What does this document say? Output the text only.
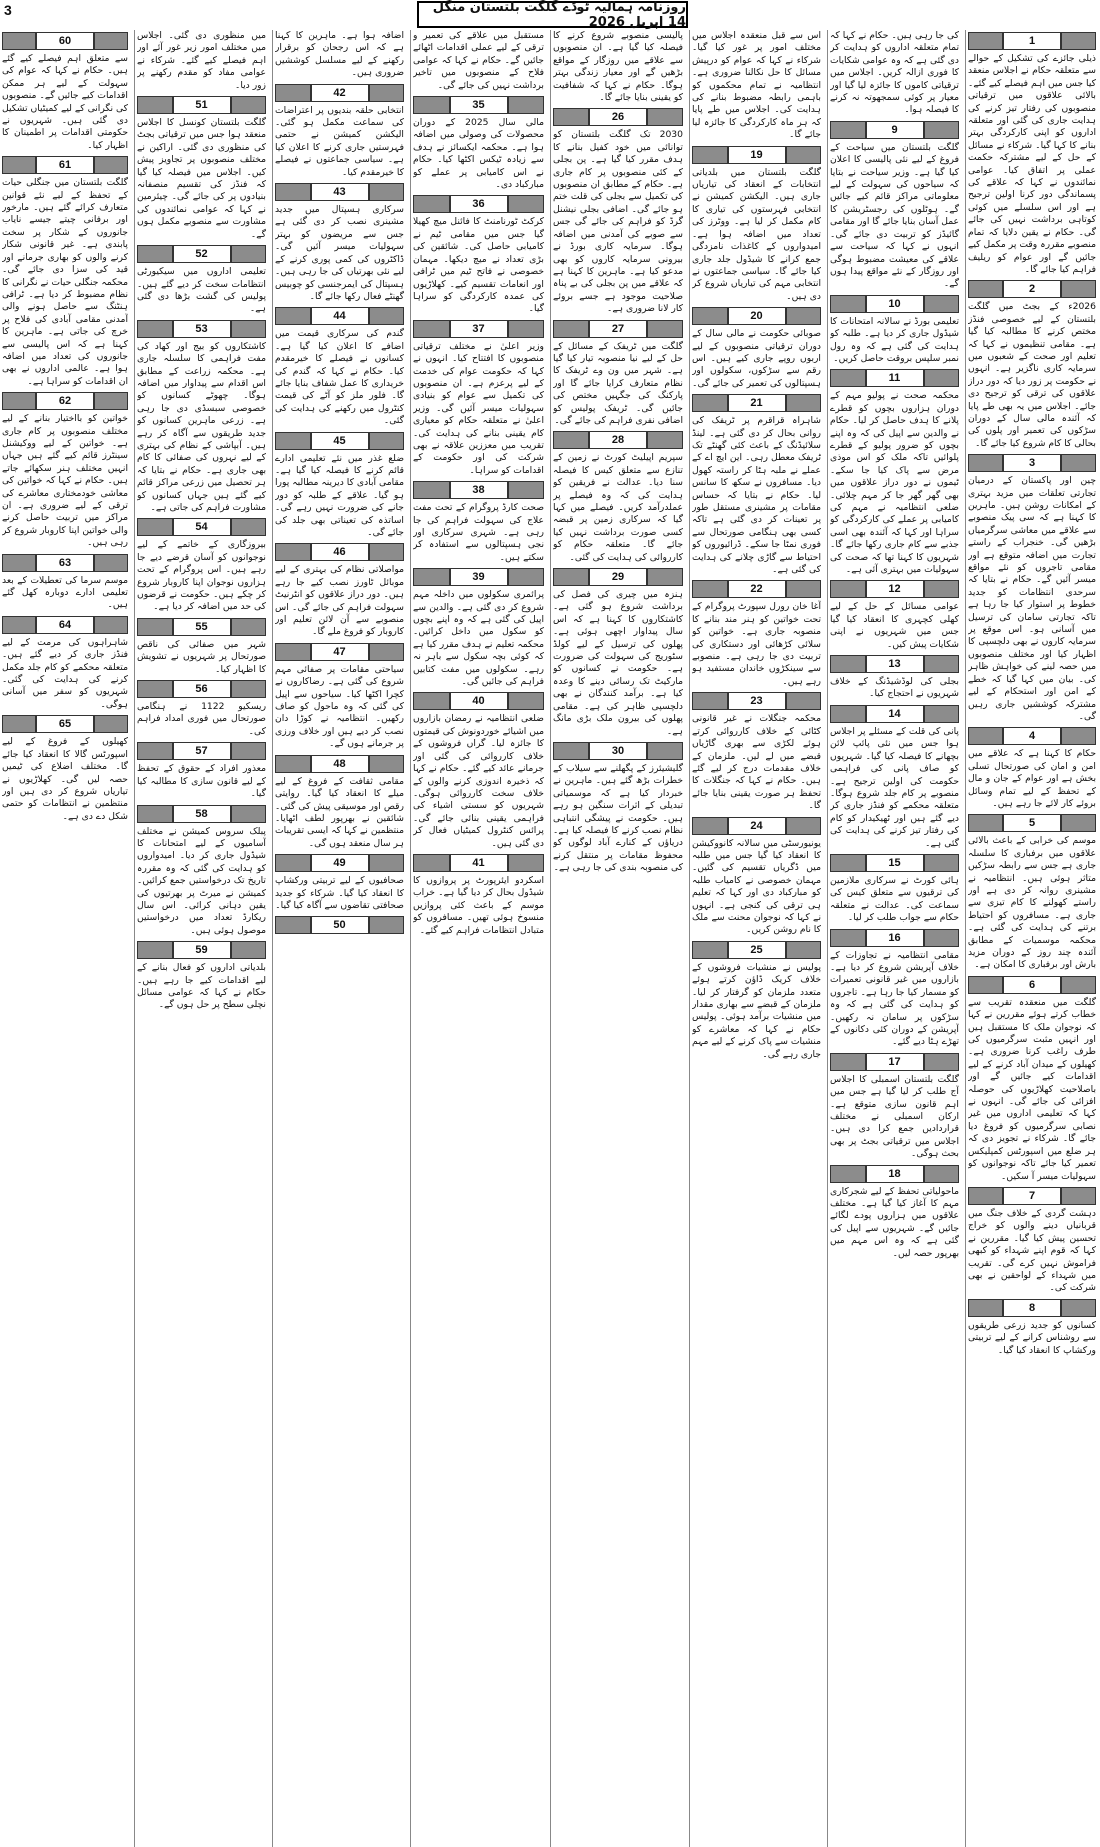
3	روزنامہ ہمالیہ ٹوڈے گلگت بلتستان منگل 14 اپریل 2026
1

ذیلی جائزے کی تشکیل کے حوالے سے متعلقہ حکام نے اجلاس منعقد کیا جس میں اہم فیصلے کیے گئے۔ بالائی علاقوں میں ترقیاتی منصوبوں کی رفتار تیز کرنے کی ہدایت جاری کی گئی اور متعلقہ اداروں کو اپنی کارکردگی بہتر بنانے کا کہا گیا۔ شرکاء نے مسائل کے حل کے لیے مشترکہ حکمت عملی پر اتفاق کیا۔ عوامی نمائندوں نے کہا کہ علاقے کی پسماندگی دور کرنا اولین ترجیح ہے اور اس سلسلے میں کوئی کوتاہی برداشت نہیں کی جائے گی۔ حکام نے یقین دلایا کہ تمام منصوبے مقررہ وقت پر مکمل کیے جائیں گے اور عوام کو ریلیف فراہم کیا جائے گا۔

2

2026ء کے بجٹ میں گلگت بلتستان کے لیے خصوصی فنڈز مختص کرنے کا مطالبہ کیا گیا ہے۔ مقامی تنظیموں نے کہا کہ تعلیم اور صحت کے شعبوں میں سرمایہ کاری ناگزیر ہے۔ انہوں نے حکومت پر زور دیا کہ دور دراز علاقوں کی ترقی کو ترجیح دی جائے۔ اجلاس میں یہ بھی طے پایا کہ آئندہ مالی سال کے دوران سڑکوں کی تعمیر اور پلوں کی بحالی کا کام شروع کیا جائے گا۔

3

چین اور پاکستان کے درمیان تجارتی تعلقات میں مزید بہتری کے امکانات روشن ہیں۔ ماہرین کا کہنا ہے کہ سی پیک منصوبے سے علاقے میں معاشی سرگرمیاں بڑھیں گی۔ خنجراب کے راستے تجارت میں اضافہ متوقع ہے اور مقامی تاجروں کو نئے مواقع میسر آئیں گے۔ حکام نے بتایا کہ سرحدی انتظامات کو جدید خطوط پر استوار کیا جا رہا ہے تاکہ تجارتی سامان کی ترسیل میں آسانی ہو۔ اس موقع پر سرمایہ کاروں نے بھی دلچسپی کا اظہار کیا اور مختلف منصوبوں میں حصہ لینے کی خواہش ظاہر کی۔ بیان میں کہا گیا کہ خطے کے امن اور استحکام کے لیے مشترکہ کوششیں جاری رہیں گی۔

4

حکام کا کہنا ہے کہ علاقے میں امن و امان کی صورتحال تسلی بخش ہے اور عوام کے جان و مال کے تحفظ کے لیے تمام وسائل بروئے کار لائے جا رہے ہیں۔

5

موسم کی خرابی کے باعث بالائی علاقوں میں برفباری کا سلسلہ جاری ہے جس سے رابطہ سڑکیں متاثر ہوئی ہیں۔ انتظامیہ نے مشینری روانہ کر دی ہے اور راستے کھولنے کا کام تیزی سے جاری ہے۔ مسافروں کو احتیاط برتنے کی ہدایت کی گئی ہے۔ محکمہ موسمیات کے مطابق آئندہ چند روز کے دوران مزید بارش اور برفباری کا امکان ہے۔

6

گلگت میں منعقدہ تقریب سے خطاب کرتے ہوئے مقررین نے کہا کہ نوجوان ملک کا مستقبل ہیں اور انہیں مثبت سرگرمیوں کی طرف راغب کرنا ضروری ہے۔ کھیلوں کے میدان آباد کرنے کے لیے اقدامات کیے جائیں گے اور باصلاحیت کھلاڑیوں کی حوصلہ افزائی کی جائے گی۔ انہوں نے کہا کہ تعلیمی اداروں میں غیر نصابی سرگرمیوں کو فروغ دیا جائے گا۔ شرکاء نے تجویز دی کہ ہر ضلع میں اسپورٹس کمپلیکس تعمیر کیا جائے تاکہ نوجوانوں کو سہولیات میسر آ سکیں۔

7

دہشت گردی کے خلاف جنگ میں قربانیاں دینے والوں کو خراج تحسین پیش کیا گیا۔ مقررین نے کہا کہ قوم اپنے شہداء کو کبھی فراموش نہیں کرے گی۔ تقریب میں شہداء کے لواحقین نے بھی شرکت کی۔

8

کسانوں کو جدید زرعی طریقوں سے روشناس کرانے کے لیے تربیتی ورکشاپ کا انعقاد کیا گیا۔

کی جا رہی ہیں۔ حکام نے کہا کہ تمام متعلقہ اداروں کو ہدایت کر دی گئی ہے کہ وہ عوامی شکایات کا فوری ازالہ کریں۔ اجلاس میں ترقیاتی کاموں کا جائزہ لیا گیا اور معیار پر کوئی سمجھوتہ نہ کرنے کا فیصلہ ہوا۔

9

گلگت بلتستان میں سیاحت کے فروغ کے لیے نئی پالیسی کا اعلان کیا گیا ہے۔ وزیر سیاحت نے بتایا کہ سیاحوں کی سہولت کے لیے معلوماتی مراکز قائم کیے جائیں گے۔ ہوٹلوں کی رجسٹریشن کا عمل آسان بنایا جائے گا اور مقامی گائیڈز کو تربیت دی جائے گی۔ انہوں نے کہا کہ سیاحت سے علاقے کی معیشت مضبوط ہوگی اور روزگار کے نئے مواقع پیدا ہوں گے۔

10

تعلیمی بورڈ نے سالانہ امتحانات کا شیڈول جاری کر دیا ہے۔ طلبہ کو ہدایت کی گئی ہے کہ وہ رول نمبر سلپس بروقت حاصل کریں۔

11

محکمہ صحت نے پولیو مہم کے دوران ہزاروں بچوں کو قطرے پلانے کا ہدف حاصل کر لیا۔ حکام نے والدین سے اپیل کی کہ وہ اپنے بچوں کو ضرور پولیو کے قطرے پلوائیں تاکہ ملک کو اس موذی مرض سے پاک کیا جا سکے۔ ٹیموں نے دور دراز علاقوں میں بھی گھر گھر جا کر مہم چلائی۔ ضلعی انتظامیہ نے مہم کی کامیابی پر عملے کی کارکردگی کو سراہا اور کہا کہ آئندہ بھی اسی جذبے سے کام جاری رکھا جائے گا۔ شہریوں کا کہنا تھا کہ صحت کی سہولیات میں بہتری آئی ہے۔

12

عوامی مسائل کے حل کے لیے کھلی کچہری کا انعقاد کیا گیا جس میں شہریوں نے اپنی شکایات پیش کیں۔

13

بجلی کی لوڈشیڈنگ کے خلاف شہریوں نے احتجاج کیا۔

14

پانی کی قلت کے مسئلے پر اجلاس ہوا جس میں نئی پائپ لائن بچھانے کا فیصلہ کیا گیا۔ شہریوں کو صاف پانی کی فراہمی حکومت کی اولین ترجیح ہے۔ منصوبے پر کام جلد شروع ہوگا۔ متعلقہ محکمے کو فنڈز جاری کر دیے گئے ہیں اور ٹھیکیدار کو کام کی رفتار تیز کرنے کی ہدایت کی گئی ہے۔

15

ہائی کورٹ نے سرکاری ملازمین کی ترقیوں سے متعلق کیس کی سماعت کی۔ عدالت نے متعلقہ حکام سے جواب طلب کر لیا۔

16

مقامی انتظامیہ نے تجاوزات کے خلاف آپریشن شروع کر دیا ہے۔ بازاروں میں غیر قانونی تعمیرات کو مسمار کیا جا رہا ہے۔ تاجروں کو ہدایت کی گئی ہے کہ وہ سڑکوں پر سامان نہ رکھیں۔ آپریشن کے دوران کئی دکانوں کے تھڑے ہٹا دیے گئے۔

17

گلگت بلتستان اسمبلی کا اجلاس آج طلب کر لیا گیا ہے جس میں اہم قانون سازی متوقع ہے۔ ارکان اسمبلی نے مختلف قراردادیں جمع کرا دی ہیں۔ اجلاس میں ترقیاتی بجٹ پر بھی بحث ہوگی۔

18

ماحولیاتی تحفظ کے لیے شجرکاری مہم کا آغاز کیا گیا ہے۔ مختلف علاقوں میں ہزاروں پودے لگائے جائیں گے۔ شہریوں سے اپیل کی گئی ہے کہ وہ اس مہم میں بھرپور حصہ لیں۔

اس سے قبل منعقدہ اجلاس میں مختلف امور پر غور کیا گیا۔ شرکاء نے کہا کہ عوام کو درپیش مسائل کا حل نکالنا ضروری ہے۔ انتظامیہ نے تمام محکموں کو باہمی رابطہ مضبوط بنانے کی ہدایت کی۔ اجلاس میں طے پایا کہ ہر ماہ کارکردگی کا جائزہ لیا جائے گا۔

19

گلگت بلتستان میں بلدیاتی انتخابات کے انعقاد کی تیاریاں جاری ہیں۔ الیکشن کمیشن نے انتخابی فہرستوں کی تیاری کا کام مکمل کر لیا ہے۔ ووٹرز کی تعداد میں اضافہ ہوا ہے۔ امیدواروں کے کاغذات نامزدگی جمع کرانے کا شیڈول جلد جاری کیا جائے گا۔ سیاسی جماعتوں نے انتخابی مہم کی تیاریاں شروع کر دی ہیں۔

20

صوبائی حکومت نے مالی سال کے دوران ترقیاتی منصوبوں کے لیے اربوں روپے جاری کیے ہیں۔ اس رقم سے سڑکوں، سکولوں اور ہسپتالوں کی تعمیر کی جائے گی۔

21

شاہراہ قراقرم پر ٹریفک کی روانی بحال کر دی گئی ہے۔ لینڈ سلائیڈنگ کے باعث کئی گھنٹے تک ٹریفک معطل رہی۔ این ایچ اے کے عملے نے ملبہ ہٹا کر راستہ کھول دیا۔ مسافروں نے سکھ کا سانس لیا۔ حکام نے بتایا کہ حساس مقامات پر مشینری مستقل طور پر تعینات کر دی گئی ہے تاکہ کسی بھی ہنگامی صورتحال سے فوری نمٹا جا سکے۔ ڈرائیوروں کو احتیاط سے گاڑی چلانے کی ہدایت کی گئی ہے۔

22

آغا خان رورل سپورٹ پروگرام کے تحت خواتین کو ہنر مند بنانے کا منصوبہ جاری ہے۔ خواتین کو سلائی کڑھائی اور دستکاری کی تربیت دی جا رہی ہے۔ منصوبے سے سینکڑوں خاندان مستفید ہو رہے ہیں۔

23

محکمہ جنگلات نے غیر قانونی کٹائی کے خلاف کارروائی کرتے ہوئے لکڑی سے بھری گاڑیاں قبضے میں لے لیں۔ ملزمان کے خلاف مقدمات درج کر لیے گئے ہیں۔ حکام نے کہا کہ جنگلات کا تحفظ ہر صورت یقینی بنایا جائے گا۔

24

یونیورسٹی میں سالانہ کانووکیشن کا انعقاد کیا گیا جس میں طلبہ میں ڈگریاں تقسیم کی گئیں۔ مہمان خصوصی نے کامیاب طلبہ کو مبارکباد دی اور کہا کہ تعلیم ہی ترقی کی کنجی ہے۔ انہوں نے کہا کہ نوجوان محنت سے ملک کا نام روشن کریں۔

25

پولیس نے منشیات فروشوں کے خلاف کریک ڈاؤن کرتے ہوئے متعدد ملزمان کو گرفتار کر لیا۔ ملزمان کے قبضے سے بھاری مقدار میں منشیات برآمد ہوئی۔ پولیس حکام نے کہا کہ معاشرے کو منشیات سے پاک کرنے کے لیے مہم جاری رہے گی۔

پالیسی منصوبے شروع کرنے کا فیصلہ کیا گیا ہے۔ ان منصوبوں سے علاقے میں روزگار کے مواقع بڑھیں گے اور معیار زندگی بہتر ہوگا۔ حکام نے کہا کہ شفافیت کو یقینی بنایا جائے گا۔

26

2030 تک گلگت بلتستان کو توانائی میں خود کفیل بنانے کا ہدف مقرر کیا گیا ہے۔ پن بجلی کے کئی منصوبوں پر کام جاری ہے۔ حکام کے مطابق ان منصوبوں کی تکمیل سے بجلی کی قلت ختم ہو جائے گی۔ اضافی بجلی نیشنل گرڈ کو فراہم کی جائے گی جس سے صوبے کی آمدنی میں اضافہ ہوگا۔ سرمایہ کاری بورڈ نے بیرونی سرمایہ کاروں کو بھی مدعو کیا ہے۔ ماہرین کا کہنا ہے کہ علاقے میں پن بجلی کی بے پناہ صلاحیت موجود ہے جسے بروئے کار لانا ضروری ہے۔

27

گلگت میں ٹریفک کے مسائل کے حل کے لیے نیا منصوبہ تیار کیا گیا ہے۔ شہر میں ون وے ٹریفک کا نظام متعارف کرایا جائے گا اور پارکنگ کی جگہیں مختص کی جائیں گی۔ ٹریفک پولیس کو اضافی نفری فراہم کی جائے گی۔

28

سپریم اپیلیٹ کورٹ نے زمین کے تنازع سے متعلق کیس کا فیصلہ سنا دیا۔ عدالت نے فریقین کو ہدایت کی کہ وہ فیصلے پر عملدرآمد کریں۔ فیصلے میں کہا گیا کہ سرکاری زمین پر قبضہ کسی صورت برداشت نہیں کیا جائے گا۔ متعلقہ حکام کو کارروائی کی ہدایت کی گئی۔

29

ہنزہ میں چیری کی فصل کی برداشت شروع ہو گئی ہے۔ کاشتکاروں کا کہنا ہے کہ اس سال پیداوار اچھی ہوئی ہے۔ پھلوں کی ترسیل کے لیے کولڈ سٹوریج کی سہولت کی ضرورت ہے۔ حکومت نے کسانوں کو مارکیٹ تک رسائی دینے کا وعدہ کیا ہے۔ برآمد کنندگان نے بھی دلچسپی ظاہر کی ہے۔ مقامی پھلوں کی بیرون ملک بڑی مانگ ہے۔

30

گلیشیئرز کے پگھلنے سے سیلاب کے خطرات بڑھ گئے ہیں۔ ماہرین نے خبردار کیا ہے کہ موسمیاتی تبدیلی کے اثرات سنگین ہو رہے ہیں۔ حکومت نے پیشگی انتباہی نظام نصب کرنے کا فیصلہ کیا ہے۔ دریاؤں کے کنارے آباد لوگوں کو محفوظ مقامات پر منتقل کرنے کی منصوبہ بندی کی جا رہی ہے۔

مستقبل میں علاقے کی تعمیر و ترقی کے لیے عملی اقدامات اٹھائے جائیں گے۔ حکام نے کہا کہ عوامی فلاح کے منصوبوں میں تاخیر برداشت نہیں کی جائے گی۔

35

مالی سال 2025 کے دوران محصولات کی وصولی میں اضافہ ہوا ہے۔ محکمہ ایکسائز نے ہدف سے زیادہ ٹیکس اکٹھا کیا۔ حکام نے اس کامیابی پر عملے کو مبارکباد دی۔

36

کرکٹ ٹورنامنٹ کا فائنل میچ کھیلا گیا جس میں مقامی ٹیم نے کامیابی حاصل کی۔ شائقین کی بڑی تعداد نے میچ دیکھا۔ مہمان خصوصی نے فاتح ٹیم میں ٹرافی اور انعامات تقسیم کیے۔ کھلاڑیوں کی عمدہ کارکردگی کو سراہا گیا۔

37

وزیر اعلیٰ نے مختلف ترقیاتی منصوبوں کا افتتاح کیا۔ انہوں نے کہا کہ حکومت عوام کی خدمت کے لیے پرعزم ہے۔ ان منصوبوں کی تکمیل سے عوام کو بنیادی سہولیات میسر آئیں گی۔ وزیر اعلیٰ نے متعلقہ حکام کو معیاری کام یقینی بنانے کی ہدایت کی۔ تقریب میں معززین علاقہ نے بھی شرکت کی اور حکومت کے اقدامات کو سراہا۔

38

صحت کارڈ پروگرام کے تحت مفت علاج کی سہولت فراہم کی جا رہی ہے۔ شہری سرکاری اور نجی ہسپتالوں سے استفادہ کر سکتے ہیں۔

39

پرائمری سکولوں میں داخلہ مہم شروع کر دی گئی ہے۔ والدین سے اپیل کی گئی ہے کہ وہ اپنے بچوں کو سکول میں داخل کرائیں۔ محکمہ تعلیم نے ہدف مقرر کیا ہے کہ کوئی بچہ سکول سے باہر نہ رہے۔ سکولوں میں مفت کتابیں فراہم کی جائیں گی۔

40

ضلعی انتظامیہ نے رمضان بازاروں میں اشیائے خوردونوش کی قیمتوں کا جائزہ لیا۔ گراں فروشوں کے خلاف کارروائی کی گئی اور جرمانے عائد کیے گئے۔ حکام نے کہا کہ ذخیرہ اندوزی کرنے والوں کے خلاف سخت کارروائی ہوگی۔ شہریوں کو سستی اشیاء کی فراہمی یقینی بنائی جائے گی۔ پرائس کنٹرول کمیٹیاں فعال کر دی گئی ہیں۔

41

اسکردو ایئرپورٹ پر پروازوں کا شیڈول بحال کر دیا گیا ہے۔ خراب موسم کے باعث کئی پروازیں منسوخ ہوئی تھیں۔ مسافروں کو متبادل انتظامات فراہم کیے گئے۔

اضافہ ہوا ہے۔ ماہرین کا کہنا ہے کہ اس رجحان کو برقرار رکھنے کے لیے مسلسل کوششیں ضروری ہیں۔

42

انتخابی حلقہ بندیوں پر اعتراضات کی سماعت مکمل ہو گئی۔ الیکشن کمیشن نے حتمی فہرستیں جاری کرنے کا اعلان کیا ہے۔ سیاسی جماعتوں نے فیصلے کا خیرمقدم کیا۔

43

سرکاری ہسپتال میں جدید مشینری نصب کر دی گئی ہے جس سے مریضوں کو بہتر سہولیات میسر آئیں گی۔ ڈاکٹروں کی کمی پوری کرنے کے لیے نئی بھرتیاں کی جا رہی ہیں۔ ہسپتال کی ایمرجنسی کو چوبیس گھنٹے فعال رکھا جائے گا۔

44

گندم کی سرکاری قیمت میں اضافے کا اعلان کیا گیا ہے۔ کسانوں نے فیصلے کا خیرمقدم کیا۔ حکام نے کہا کہ گندم کی خریداری کا عمل شفاف بنایا جائے گا۔ فلور ملز کو آٹے کی قیمت کنٹرول میں رکھنے کی ہدایت کی گئی۔

45

ضلع غذر میں نئے تعلیمی ادارے قائم کرنے کا فیصلہ کیا گیا ہے۔ مقامی آبادی کا دیرینہ مطالبہ پورا ہو گیا۔ علاقے کے طلبہ کو دور جانے کی ضرورت نہیں رہے گی۔ اساتذہ کی تعیناتی بھی جلد کی جائے گی۔

46

مواصلاتی نظام کی بہتری کے لیے موبائل ٹاورز نصب کیے جا رہے ہیں۔ دور دراز علاقوں کو انٹرنیٹ سہولت فراہم کی جائے گی۔ اس منصوبے سے آن لائن تعلیم اور کاروبار کو فروغ ملے گا۔

47

سیاحتی مقامات پر صفائی مہم شروع کی گئی ہے۔ رضاکاروں نے کچرا اکٹھا کیا۔ سیاحوں سے اپیل کی گئی کہ وہ ماحول کو صاف رکھیں۔ انتظامیہ نے کوڑا دان نصب کر دیے ہیں اور خلاف ورزی پر جرمانے ہوں گے۔

48

مقامی ثقافت کے فروغ کے لیے میلے کا انعقاد کیا گیا۔ روایتی رقص اور موسیقی پیش کی گئی۔ شائقین نے بھرپور لطف اٹھایا۔ منتظمین نے کہا کہ ایسی تقریبات ہر سال منعقد ہوں گی۔

49

صحافیوں کے لیے تربیتی ورکشاپ کا انعقاد کیا گیا۔ شرکاء کو جدید صحافتی تقاضوں سے آگاہ کیا گیا۔

50

میں منظوری دی گئی۔ اجلاس میں مختلف امور زیر غور آئے اور اہم فیصلے کیے گئے۔ شرکاء نے عوامی مفاد کو مقدم رکھنے پر زور دیا۔

51

گلگت بلتستان کونسل کا اجلاس منعقد ہوا جس میں ترقیاتی بجٹ کی منظوری دی گئی۔ اراکین نے مختلف منصوبوں پر تجاویز پیش کیں۔ اجلاس میں فیصلہ کیا گیا کہ فنڈز کی تقسیم منصفانہ بنیادوں پر کی جائے گی۔ چیئرمین نے کہا کہ عوامی نمائندوں کی مشاورت سے منصوبے مکمل ہوں گے۔

52

تعلیمی اداروں میں سیکیورٹی انتظامات سخت کر دیے گئے ہیں۔ پولیس کی گشت بڑھا دی گئی ہے۔

53

کاشتکاروں کو بیج اور کھاد کی مفت فراہمی کا سلسلہ جاری ہے۔ محکمہ زراعت کے مطابق اس اقدام سے پیداوار میں اضافہ ہوگا۔ چھوٹے کسانوں کو خصوصی سبسڈی دی جا رہی ہے۔ زرعی ماہرین کسانوں کو جدید طریقوں سے آگاہ کر رہے ہیں۔ آبپاشی کے نظام کی بہتری کے لیے نہروں کی صفائی کا کام بھی جاری ہے۔ حکام نے بتایا کہ ہر تحصیل میں زرعی مراکز قائم کیے گئے ہیں جہاں کسانوں کو مشاورت فراہم کی جاتی ہے۔

54

بیروزگاری کے خاتمے کے لیے نوجوانوں کو آسان قرضے دیے جا رہے ہیں۔ اس پروگرام کے تحت ہزاروں نوجوان اپنا کاروبار شروع کر چکے ہیں۔ حکومت نے قرضوں کی حد میں اضافہ کر دیا ہے۔

55

شہر میں صفائی کی ناقص صورتحال پر شہریوں نے تشویش کا اظہار کیا۔

56

ریسکیو 1122 نے ہنگامی صورتحال میں فوری امداد فراہم کی۔

57

معذور افراد کے حقوق کے تحفظ کے لیے قانون سازی کا مطالبہ کیا گیا۔

58

پبلک سروس کمیشن نے مختلف آسامیوں کے لیے امتحانات کا شیڈول جاری کر دیا۔ امیدواروں کو ہدایت کی گئی کہ وہ مقررہ تاریخ تک درخواستیں جمع کرائیں۔ کمیشن نے میرٹ پر بھرتیوں کی یقین دہانی کرائی۔ اس سال ریکارڈ تعداد میں درخواستیں موصول ہوئی ہیں۔

59

بلدیاتی اداروں کو فعال بنانے کے لیے اقدامات کیے جا رہے ہیں۔ حکام نے کہا کہ عوامی مسائل نچلی سطح پر حل ہوں گے۔

60

سے متعلق اہم فیصلے کیے گئے ہیں۔ حکام نے کہا کہ عوام کی سہولت کے لیے ہر ممکن اقدامات کیے جائیں گے۔ منصوبوں کی نگرانی کے لیے کمیٹیاں تشکیل دی گئی ہیں۔ شہریوں نے حکومتی اقدامات پر اطمینان کا اظہار کیا۔

61

گلگت بلتستان میں جنگلی حیات کے تحفظ کے لیے نئے قوانین متعارف کرائے گئے ہیں۔ مارخور اور برفانی چیتے جیسے نایاب جانوروں کے شکار پر سخت پابندی ہے۔ غیر قانونی شکار کرنے والوں کو بھاری جرمانے اور قید کی سزا دی جائے گی۔ محکمہ جنگلی حیات نے نگرانی کا نظام مضبوط کر دیا ہے۔ ٹرافی ہنٹنگ سے حاصل ہونے والی آمدنی مقامی آبادی کی فلاح پر خرچ کی جاتی ہے۔ ماہرین کا کہنا ہے کہ اس پالیسی سے جانوروں کی تعداد میں اضافہ ہوا ہے۔ عالمی اداروں نے بھی ان اقدامات کو سراہا ہے۔

62

خواتین کو بااختیار بنانے کے لیے مختلف منصوبوں پر کام جاری ہے۔ خواتین کے لیے ووکیشنل سینٹرز قائم کیے گئے ہیں جہاں انہیں مختلف ہنر سکھائے جاتے ہیں۔ حکام نے کہا کہ خواتین کی معاشی خودمختاری معاشرے کی ترقی کے لیے ضروری ہے۔ ان مراکز میں تربیت حاصل کرنے والی خواتین اپنا کاروبار شروع کر رہی ہیں۔

63

موسم سرما کی تعطیلات کے بعد تعلیمی ادارے دوبارہ کھل گئے ہیں۔

64

شاہراہوں کی مرمت کے لیے فنڈز جاری کر دیے گئے ہیں۔ متعلقہ محکمے کو کام جلد مکمل کرنے کی ہدایت کی گئی۔ شہریوں کو سفر میں آسانی ہوگی۔

65

کھیلوں کے فروغ کے لیے اسپورٹس گالا کا انعقاد کیا جائے گا۔ مختلف اضلاع کی ٹیمیں حصہ لیں گی۔ کھلاڑیوں نے تیاریاں شروع کر دی ہیں اور منتظمین نے انتظامات کو حتمی شکل دے دی ہے۔
